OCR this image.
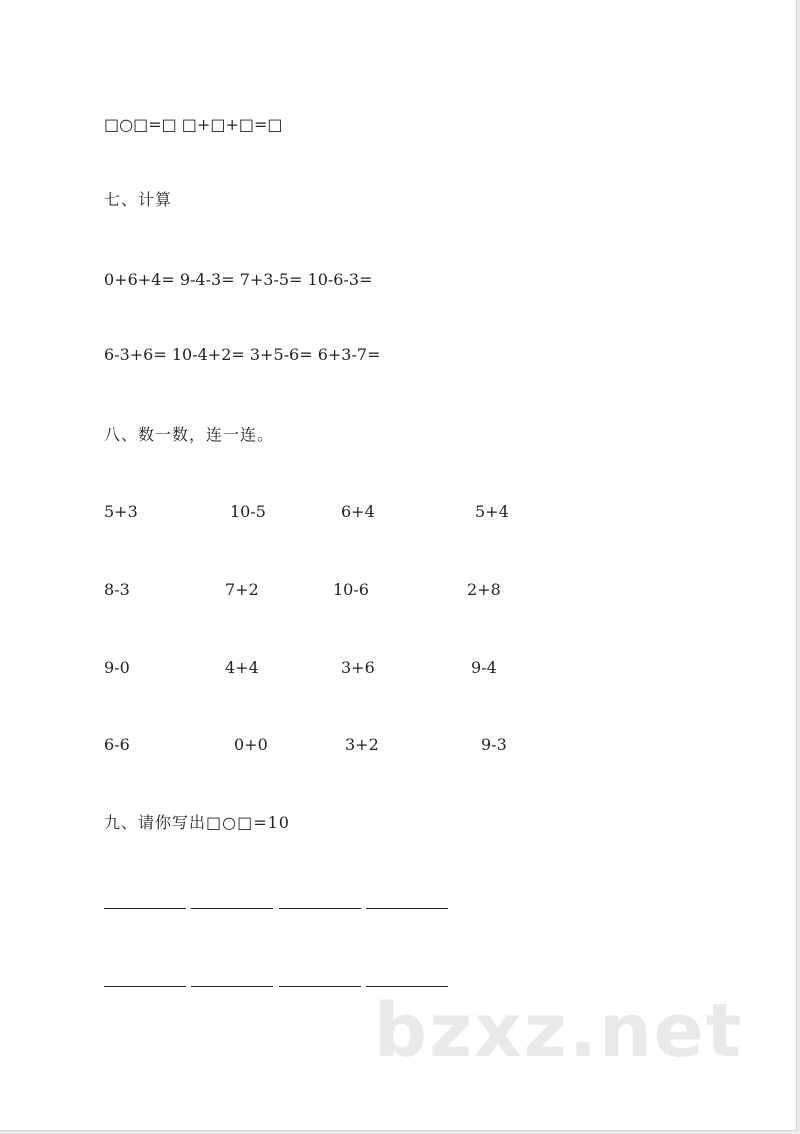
□○□=□ □+□+□=□
七、计算
0+6+4= 9-4-3= 7+3-5= 10-6-3=
6-3+6= 10-4+2= 3+5-6= 6+3-7=
八、数一数，连一连。
5+3	10-5	6+4	5+4
8-3	7+2	10-6	2+8
9-0	4+4	3+6	9-4
6-6	0+0	3+2	9-3
九、请你写出□○□=10
bzxz.net
